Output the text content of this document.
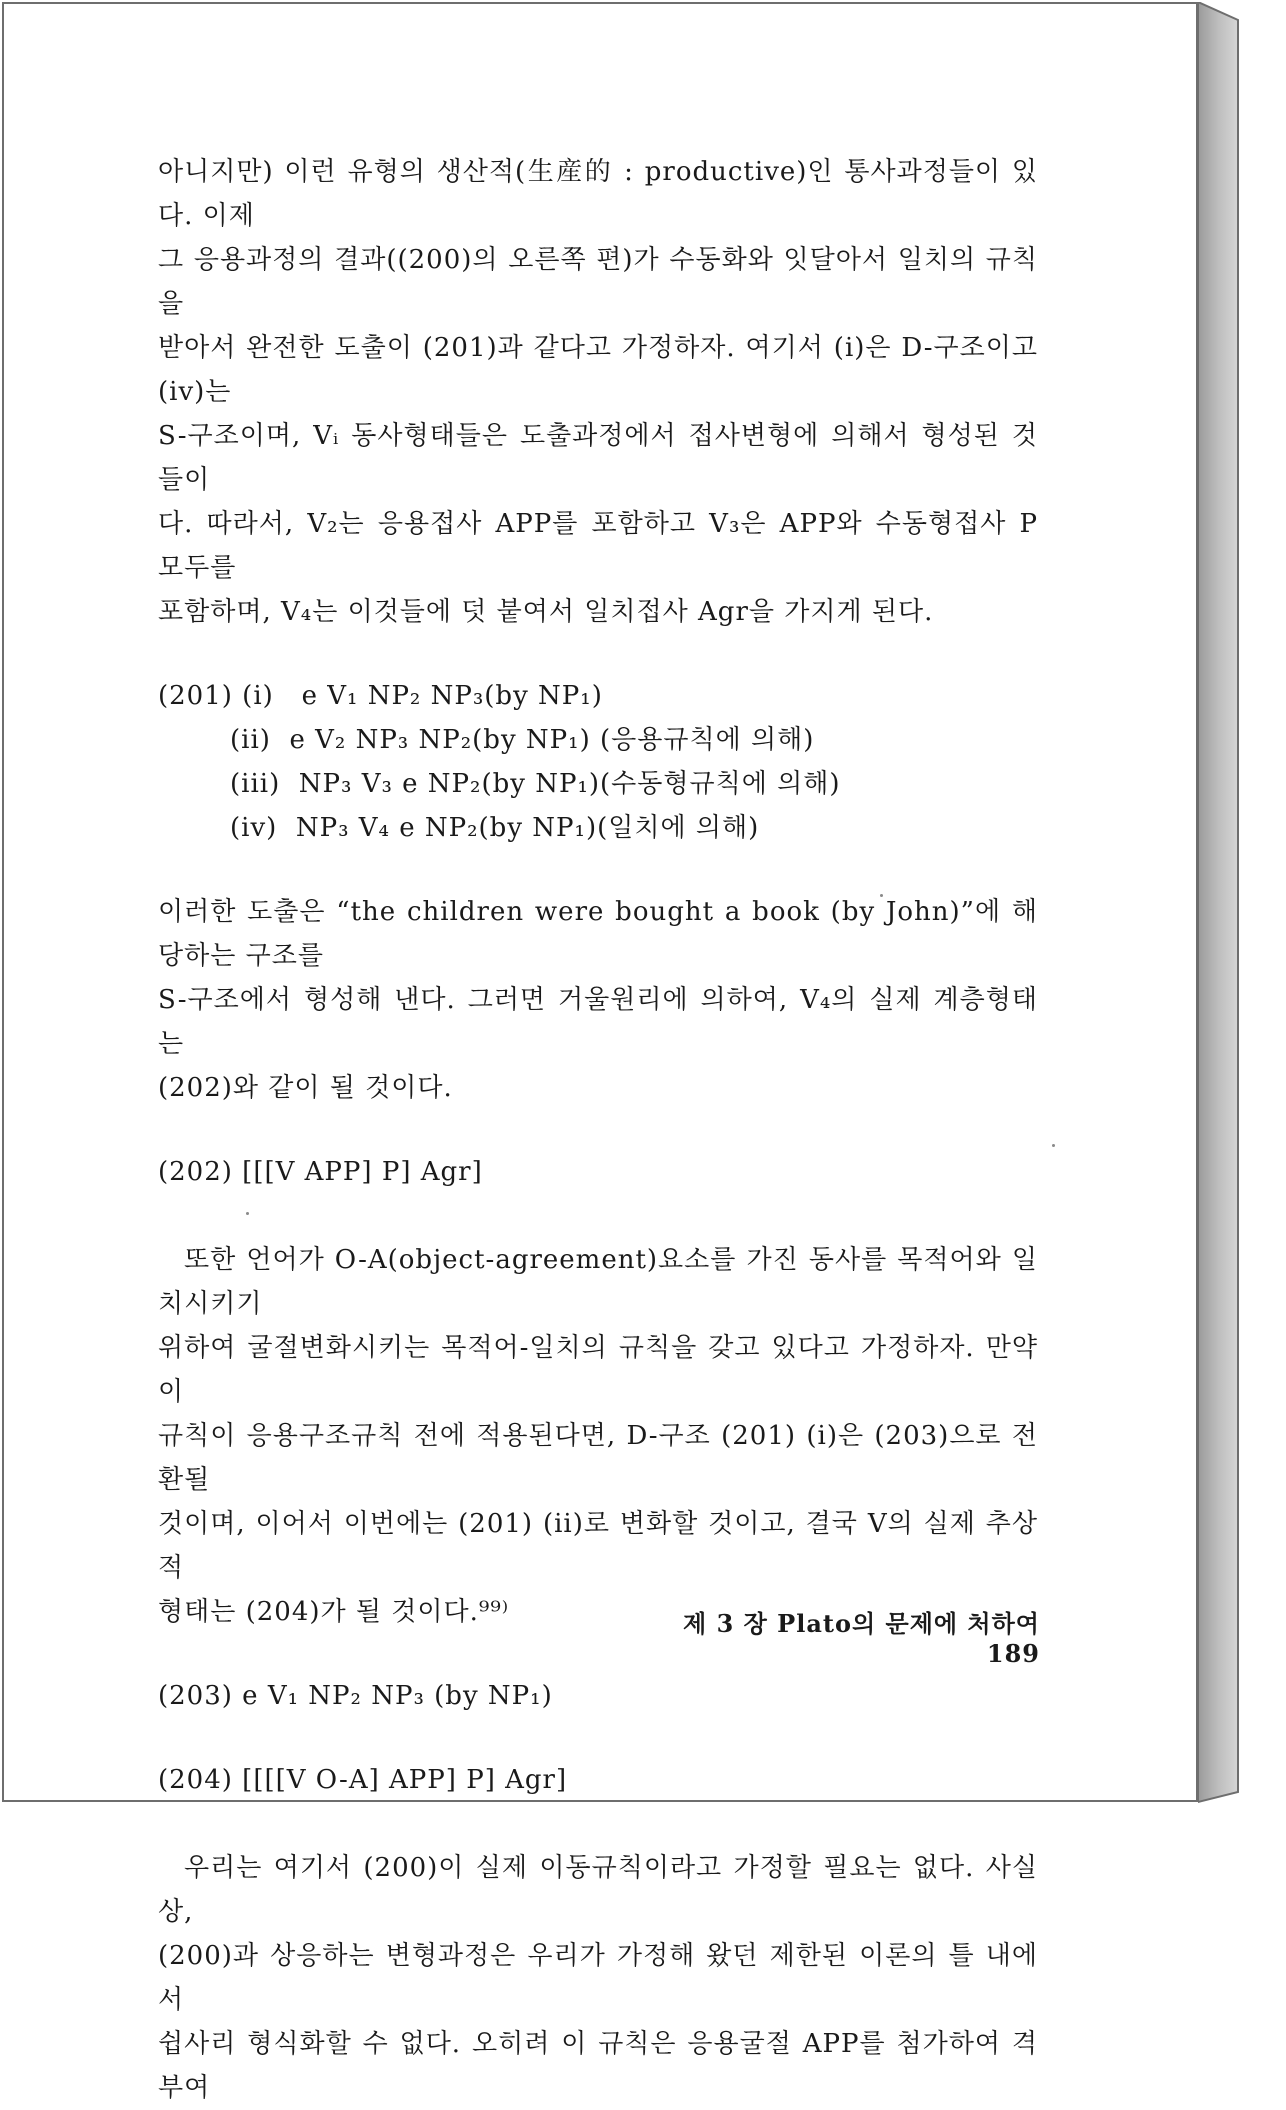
아니지만) 이런 유형의 생산적(生産的 : productive)인 통사과정들이 있다. 이제
그 응용과정의 결과((200)의 오른쪽 편)가 수동화와 잇달아서 일치의 규칙을
받아서 완전한 도출이 (201)과 같다고 가정하자. 여기서 (i)은 D-구조이고 (iv)는
S-구조이며, Vᵢ 동사형태들은 도출과정에서 접사변형에 의해서 형성된 것들이
다. 따라서, V₂는 응용접사 APP를 포함하고 V₃은 APP와 수동형접사 P 모두를
포함하며, V₄는 이것들에 덧 붙여서 일치접사 Agr을 가지게 된다.

(201) (i)   e V₁ NP₂ NP₃(by NP₁)
(ii)  e V₂ NP₃ NP₂(by NP₁) (응용규칙에 의해)
(iii)  NP₃ V₃ e NP₂(by NP₁)(수동형규칙에 의해)
(iv)  NP₃ V₄ e NP₂(by NP₁)(일치에 의해)

이러한 도출은 “the children were bought a book (by John)”에 해당하는 구조를
S-구조에서 형성해 낸다. 그러면 거울원리에 의하여, V₄의 실제 계층형태는
(202)와 같이 될 것이다.

(202) [[[V APP] P] Agr]

또한 언어가 O-A(object-agreement)요소를 가진 동사를 목적어와 일치시키기
위하여 굴절변화시키는 목적어-일치의 규칙을 갖고 있다고 가정하자. 만약 이
규칙이 응용구조규칙 전에 적용된다면, D-구조 (201) (i)은 (203)으로 전환될
것이며, 이어서 이번에는 (201) (ii)로 변화할 것이고, 결국 V의 실제 추상적
형태는 (204)가 될 것이다.⁹⁹⁾

(203) e V₁ NP₂ NP₃ (by NP₁)
(204) [[[[V O-A] APP] P] Agr]

우리는 여기서 (200)이 실제 이동규칙이라고 가정할 필요는 없다. 사실상,
(200)과 상응하는 변형과정은 우리가 가정해 왔던 제한된 이론의 틀 내에서
쉽사리 형식화할 수 없다. 오히려 이 규칙은 응용굴절 APP를 첨가하여 격부여

제 3 장 Plato의 문제에 처하여 189
